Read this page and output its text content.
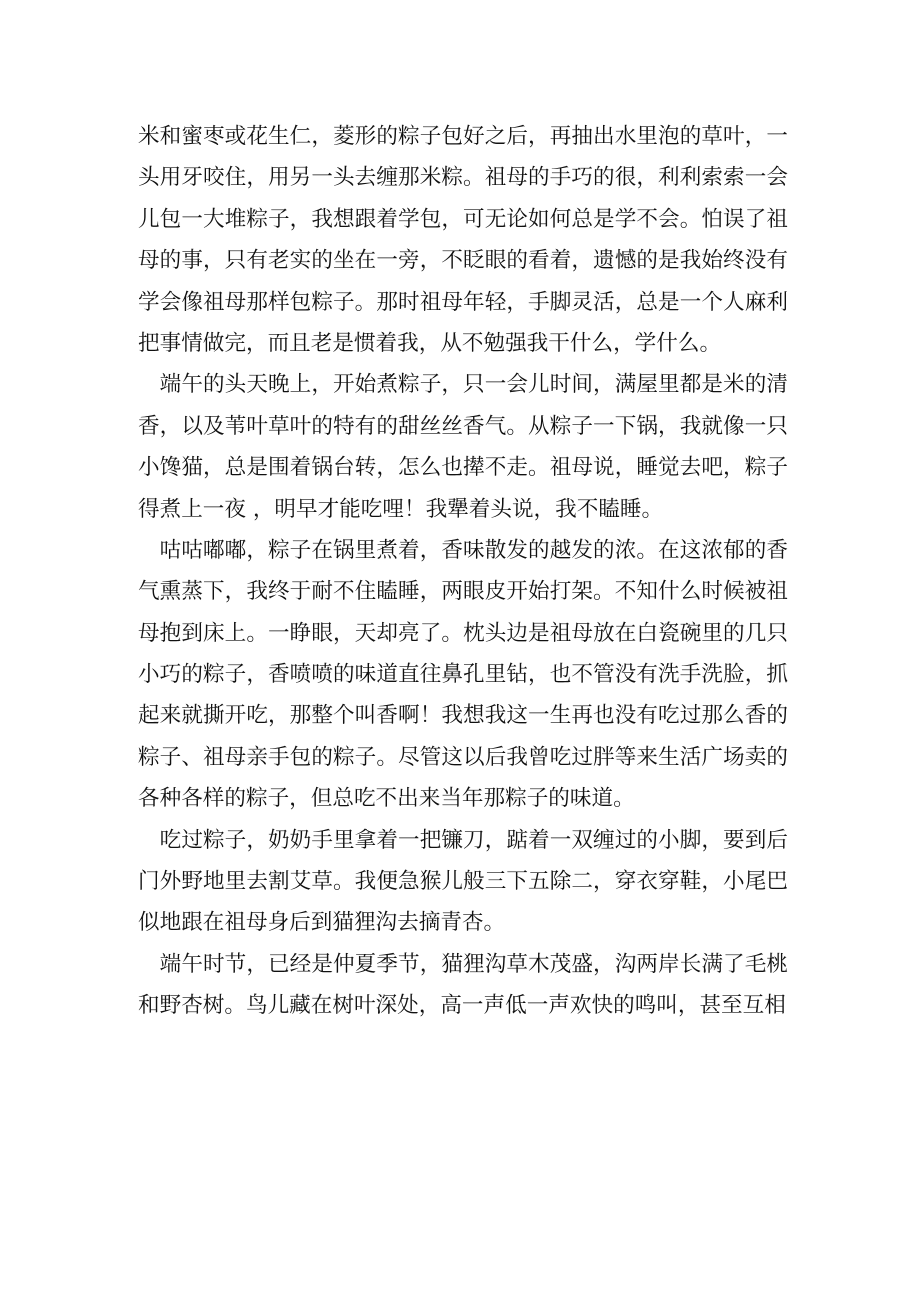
米和蜜枣或花生仁，菱形的粽子包好之后，再抽出水里泡的草叶，一
头用牙咬住，用另一头去缠那米粽。祖母的手巧的很，利利索索一会
儿包一大堆粽子，我想跟着学包，可无论如何总是学不会。怕误了祖
母的事，只有老实的坐在一旁，不眨眼的看着，遗憾的是我始终没有
学会像祖母那样包粽子。那时祖母年轻，手脚灵活，总是一个人麻利
把事情做完，而且老是惯着我，从不勉强我干什么，学什么。
　端午的头天晚上，开始煮粽子，只一会儿时间，满屋里都是米的清
香，以及苇叶草叶的特有的甜丝丝香气。从粽子一下锅，我就像一只
小馋猫，总是围着锅台转，怎么也撵不走。祖母说，睡觉去吧，粽子
得煮上一夜 ，明早才能吃哩！我犟着头说，我不瞌睡。
　咕咕嘟嘟，粽子在锅里煮着，香味散发的越发的浓。在这浓郁的香
气熏蒸下，我终于耐不住瞌睡，两眼皮开始打架。不知什么时候被祖
母抱到床上。一睁眼，天却亮了。枕头边是祖母放在白瓷碗里的几只
小巧的粽子，香喷喷的味道直往鼻孔里钻，也不管没有洗手洗脸，抓
起来就撕开吃，那整个叫香啊！我想我这一生再也没有吃过那么香的
粽子、祖母亲手包的粽子。尽管这以后我曾吃过胖等来生活广场卖的
各种各样的粽子，但总吃不出来当年那粽子的味道。
　吃过粽子，奶奶手里拿着一把镰刀，踮着一双缠过的小脚，要到后
门外野地里去割艾草。我便急猴儿般三下五除二，穿衣穿鞋，小尾巴
似地跟在祖母身后到猫狸沟去摘青杏。
　端午时节，已经是仲夏季节，猫狸沟草木茂盛，沟两岸长满了毛桃
和野杏树。鸟儿藏在树叶深处，高一声低一声欢快的鸣叫，甚至互相
